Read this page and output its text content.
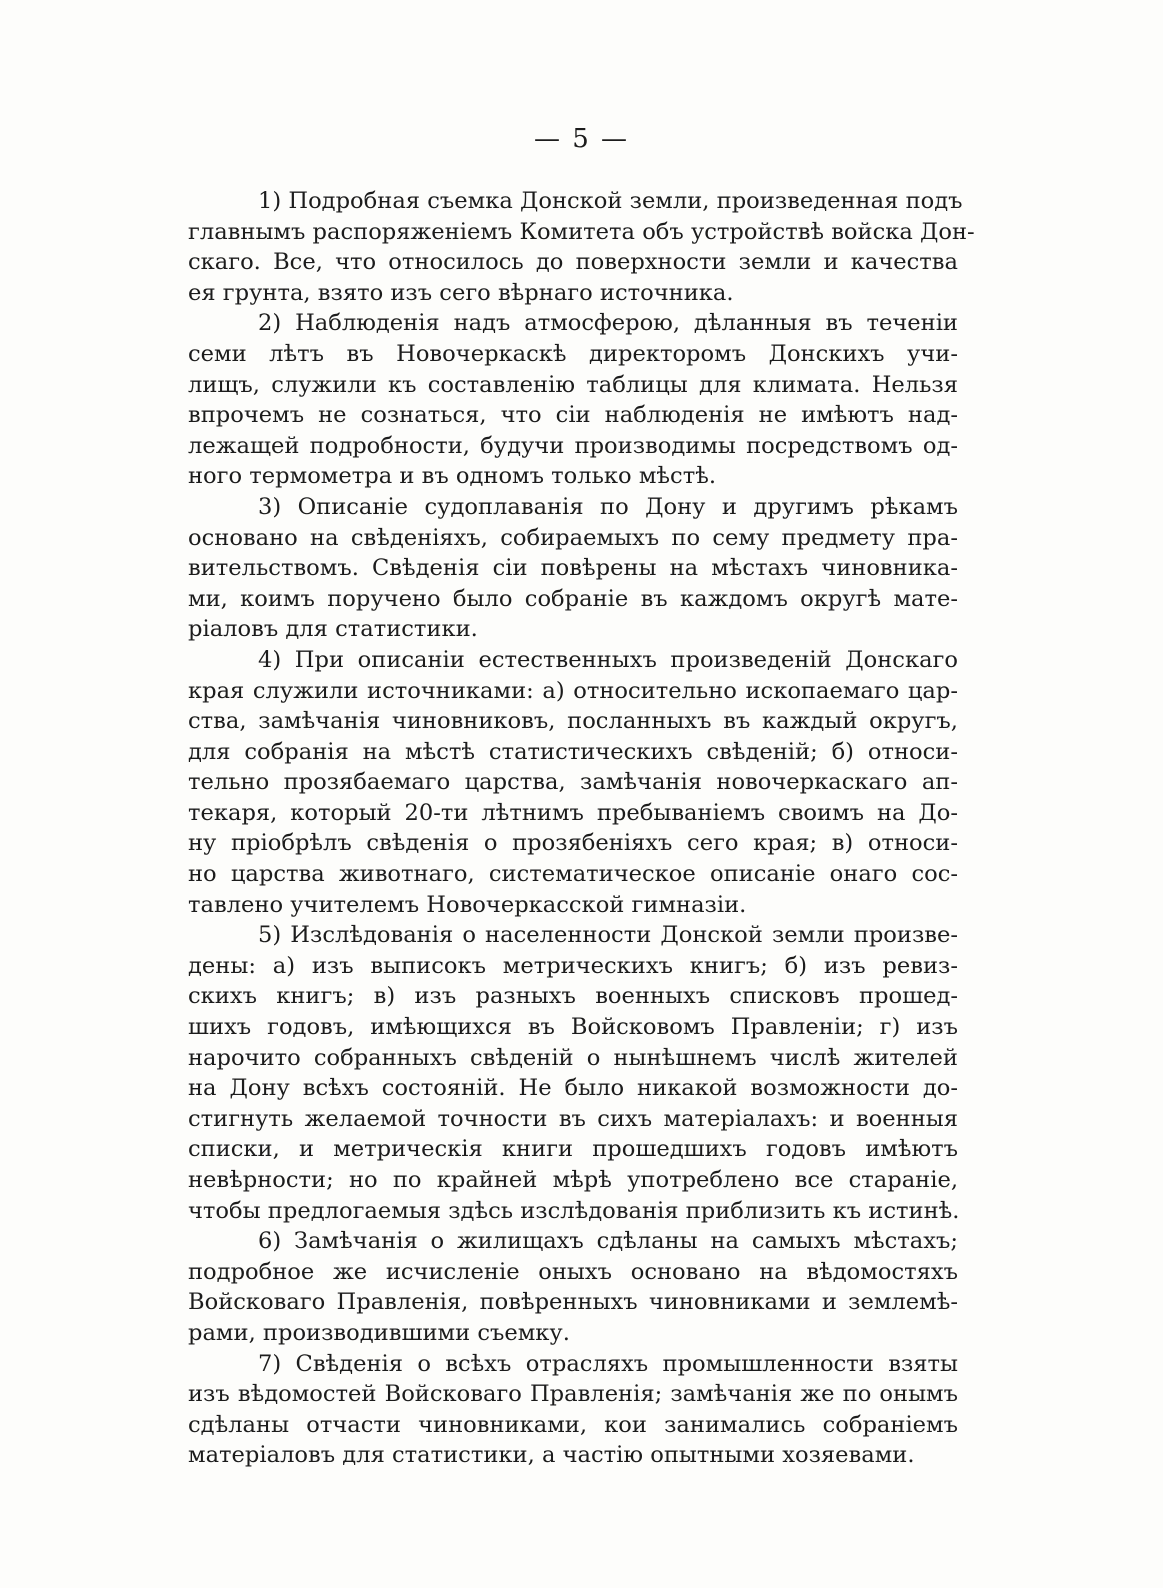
— 5 —

1) Подробная съемка Донской земли, произведенная подъ
главнымъ распоряженіемъ Комитета объ устройствѣ войска Дон-
скаго. Все, что относилось до поверхности земли и качества
ея грунта, взято изъ сего вѣрнаго источника.

2) Наблюденія надъ атмосферою, дѣланныя въ теченіи
семи лѣтъ въ Новочеркаскѣ директоромъ Донскихъ учи-
лищъ, служили къ составленію таблицы для климата. Нельзя
впрочемъ не сознаться, что сіи наблюденія не имѣютъ над-
лежащей подробности, будучи производимы посредствомъ од-
ного термометра и въ одномъ только мѣстѣ.

3) Описаніе судоплаванія по Дону и другимъ рѣкамъ
основано на свѣденіяхъ, собираемыхъ по сему предмету пра-
вительствомъ. Свѣденія сіи повѣрены на мѣстахъ чиновника-
ми, коимъ поручено было собраніе въ каждомъ округѣ мате-
ріаловъ для статистики.

4) При описаніи естественныхъ произведеній Донскаго
края служили источниками: а) относительно ископаемаго цар-
ства, замѣчанія чиновниковъ, посланныхъ въ каждый округъ,
для собранія на мѣстѣ статистическихъ свѣденій; б) относи-
тельно прозябаемаго царства, замѣчанія новочеркаскаго ап-
текаря, который 20-ти лѣтнимъ пребываніемъ своимъ на До-
ну пріобрѣлъ свѣденія о прозябеніяхъ сего края; в) относи-
но царства животнаго, систематическое описаніе онаго сос-
тавлено учителемъ Новочеркасской гимназіи.

5) Изслѣдованія о населенности Донской земли произве-
дены: а) изъ выписокъ метрическихъ книгъ; б) изъ ревиз-
скихъ книгъ; в) изъ разныхъ военныхъ списковъ прошед-
шихъ годовъ, имѣющихся въ Войсковомъ Правленіи; г) изъ
нарочито собранныхъ свѣденій о нынѣшнемъ числѣ жителей
на Дону всѣхъ состояній. Не было никакой возможности до-
стигнуть желаемой точности въ сихъ матеріалахъ: и военныя
списки, и метрическія книги прошедшихъ годовъ имѣютъ
невѣрности; но по крайней мѣрѣ употреблено все стараніе,
чтобы предлогаемыя здѣсь изслѣдованія приблизить къ истинѣ.

6) Замѣчанія о жилищахъ сдѣланы на самыхъ мѣстахъ;
подробное же исчисленіе оныхъ основано на вѣдомостяхъ
Войсковаго Правленія, повѣренныхъ чиновниками и землемѣ-
рами, производившими съемку.

7) Свѣденія о всѣхъ отрасляхъ промышленности взяты
изъ вѣдомостей Войсковаго Правленія; замѣчанія же по онымъ
сдѣланы отчасти чиновниками, кои занимались собраніемъ
матеріаловъ для статистики, а частію опытными хозяевами.
